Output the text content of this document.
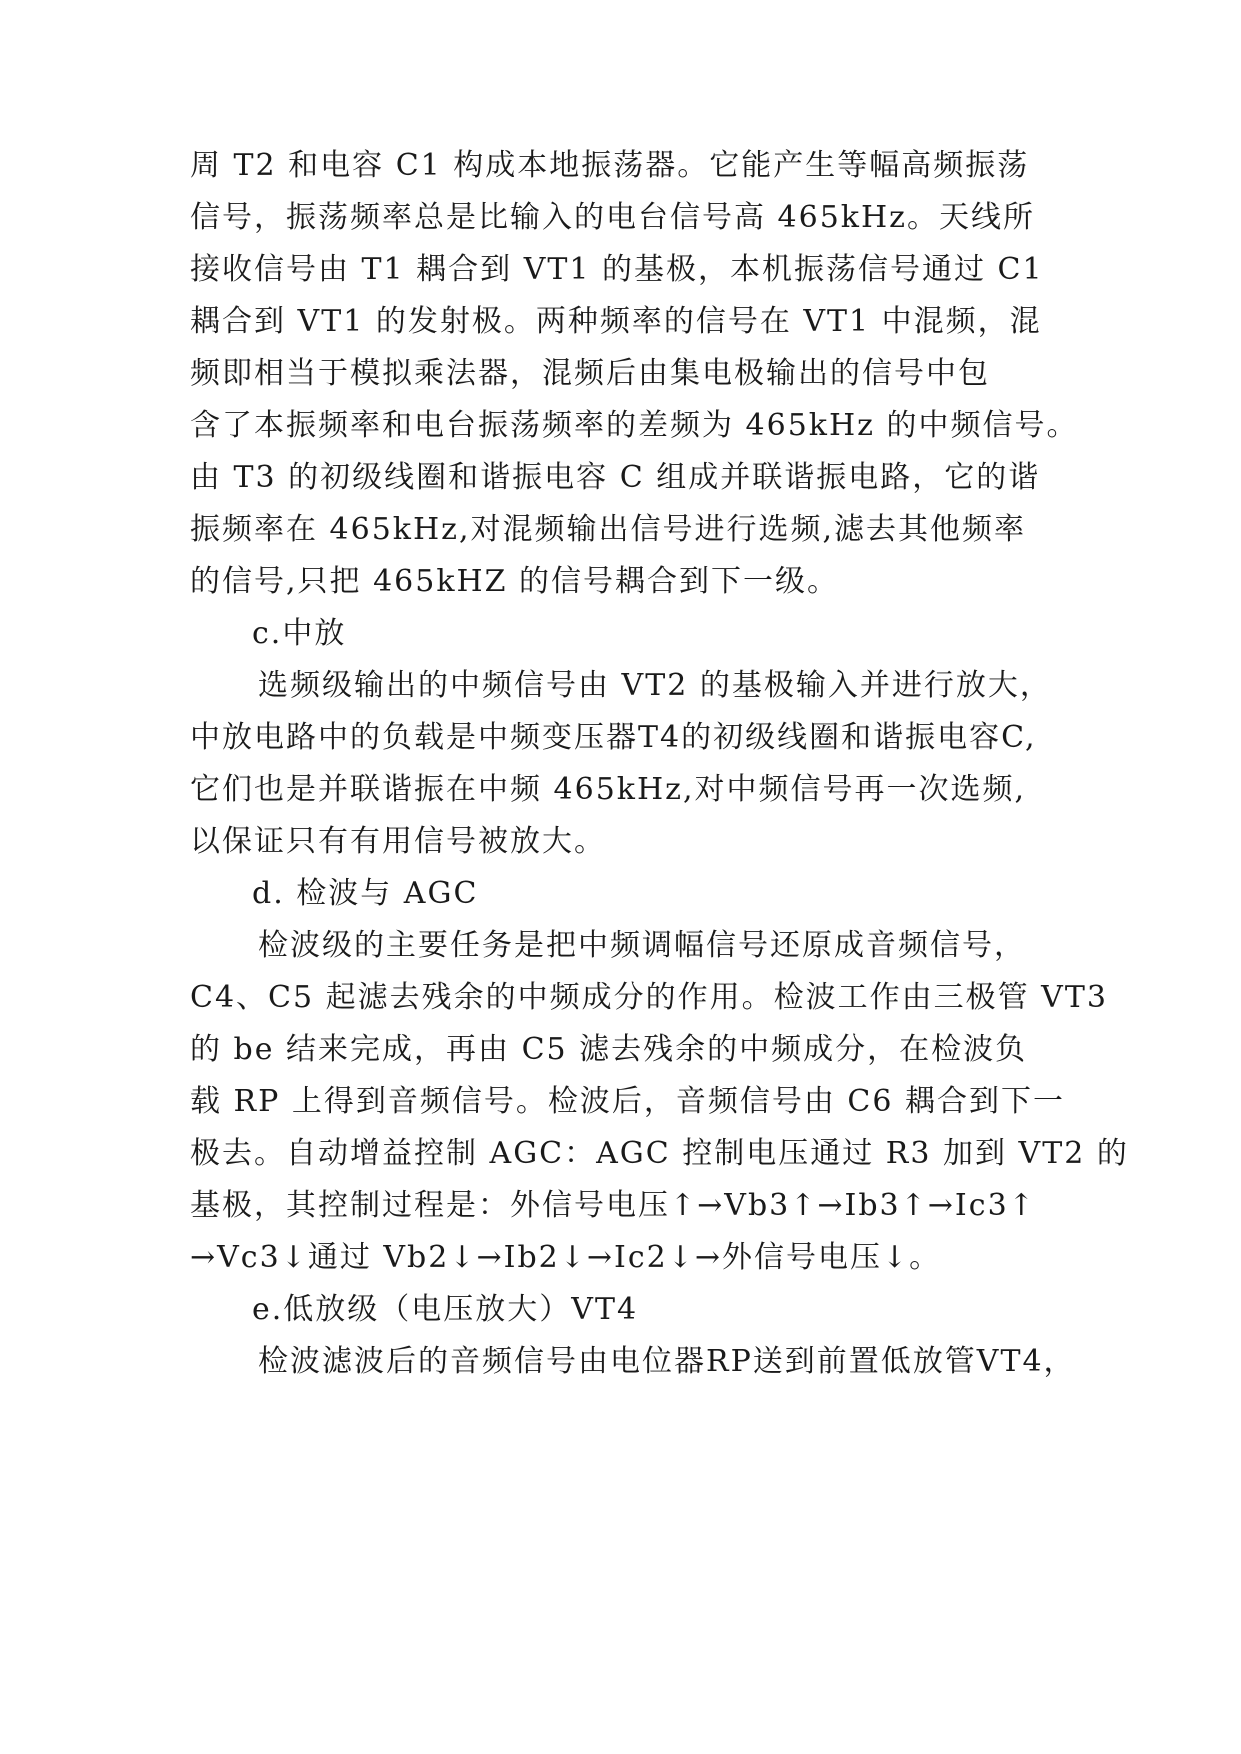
周 T2 和电容 C1 构成本地振荡器。它能产生等幅高频振荡
信号，振荡频率总是比输入的电台信号高 465kHz。天线所
接收信号由 T1 耦合到 VT1 的基极，本机振荡信号通过 C1
耦合到 VT1 的发射极。两种频率的信号在 VT1 中混频，混
频即相当于模拟乘法器，混频后由集电极输出的信号中包
含了本振频率和电台振荡频率的差频为 465kHz 的中频信号。
由 T3 的初级线圈和谐振电容 C 组成并联谐振电路，它的谐
振频率在 465kHz,对混频输出信号进行选频,滤去其他频率
的信号,只把 465kHZ 的信号耦合到下一级。
c.中放
选频级输出的中频信号由 VT2 的基极输入并进行放大，
中放电路中的负载是中频变压器T4的初级线圈和谐振电容C,
它们也是并联谐振在中频 465kHz,对中频信号再一次选频,
以保证只有有用信号被放大。
d. 检波与 AGC
检波级的主要任务是把中频调幅信号还原成音频信号，
C4、C5 起滤去残余的中频成分的作用。检波工作由三极管 VT3
的 be 结来完成，再由 C5 滤去残余的中频成分，在检波负
载 RP 上得到音频信号。检波后，音频信号由 C6 耦合到下一
极去。自动增益控制 AGC：AGC 控制电压通过 R3 加到 VT2 的
基极，其控制过程是：外信号电压↑→Vb3↑→Ib3↑→Ic3↑
→Vc3↓通过 Vb2↓→Ib2↓→Ic2↓→外信号电压↓。
e.低放级（电压放大）VT4
检波滤波后的音频信号由电位器RP送到前置低放管VT4，
